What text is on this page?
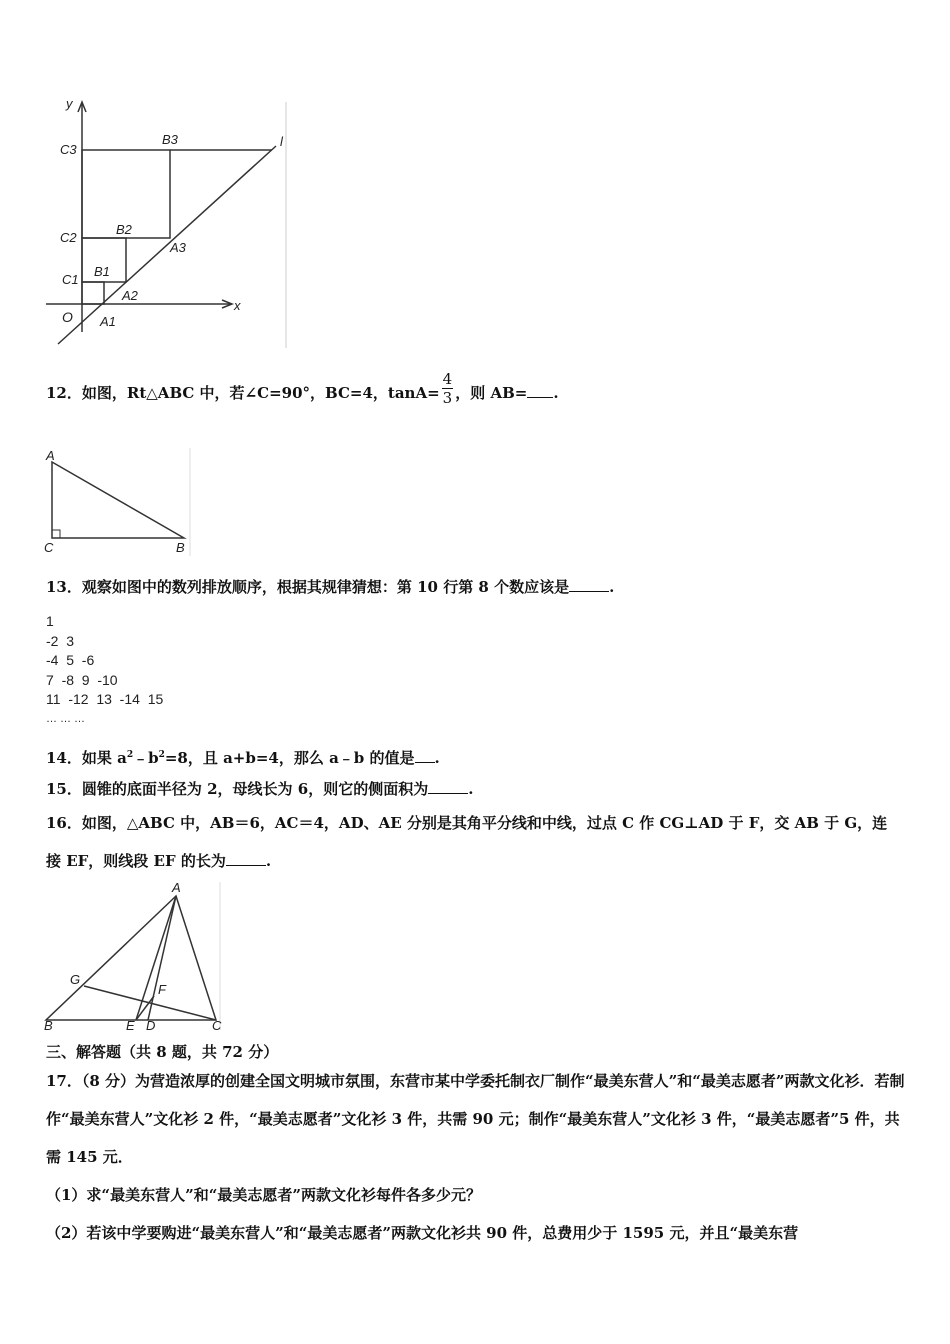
y
x
l
O
C3
B3
C2
B2
A3
C1
B1
A2
A1
12．如图，Rt△ABC 中，若∠C=90°，BC=4，$\tan A= \frac{4}{3}$ ，则 AB= .
A
C	B
13．观察如图中的数列排放顺序，根据其规律猜想：第 10 行第 8 个数应该是	.
1
-2  3
-4  5  -6
7  -8  9  -10
11  -12  13  -14  15
………
14．如果 $a^2﹣b^2=8$，且 a+b=4，那么 a﹣b 的值是 .
15．圆锥的底面半径为 2，母线长为 6，则它的侧面积为	.
16．如图，△ABC 中，AB＝6，AC＝4，AD、AE 分别是其角平分线和中线，过点 C 作 CG⊥AD 于 F，交 AB 于 G，连
接 EF，则线段 EF 的长为	.
A
G
F
B	E D	C
三、解答题（共 8 题，共 72 分）
17．（8 分）为营造浓厚的创建全国文明城市氛围，东营市某中学委托制衣厂制作“最美东营人”和“最美志愿者”两款文化衫．若制作“最美东营人”文化衫 2 件，“最美志愿者”文化衫 3 件，共需 90 元；制作“最美东营人”文化衫 3 件，“最美志愿者”5 件，共需 145 元．
（1）求“最美东营人”和“最美志愿者”两款文化衫每件各多少元？
（2）若该中学要购进“最美东营人”和“最美志愿者”两款文化衫共 90 件，总费用少于 1595 元，并且“最美东营
